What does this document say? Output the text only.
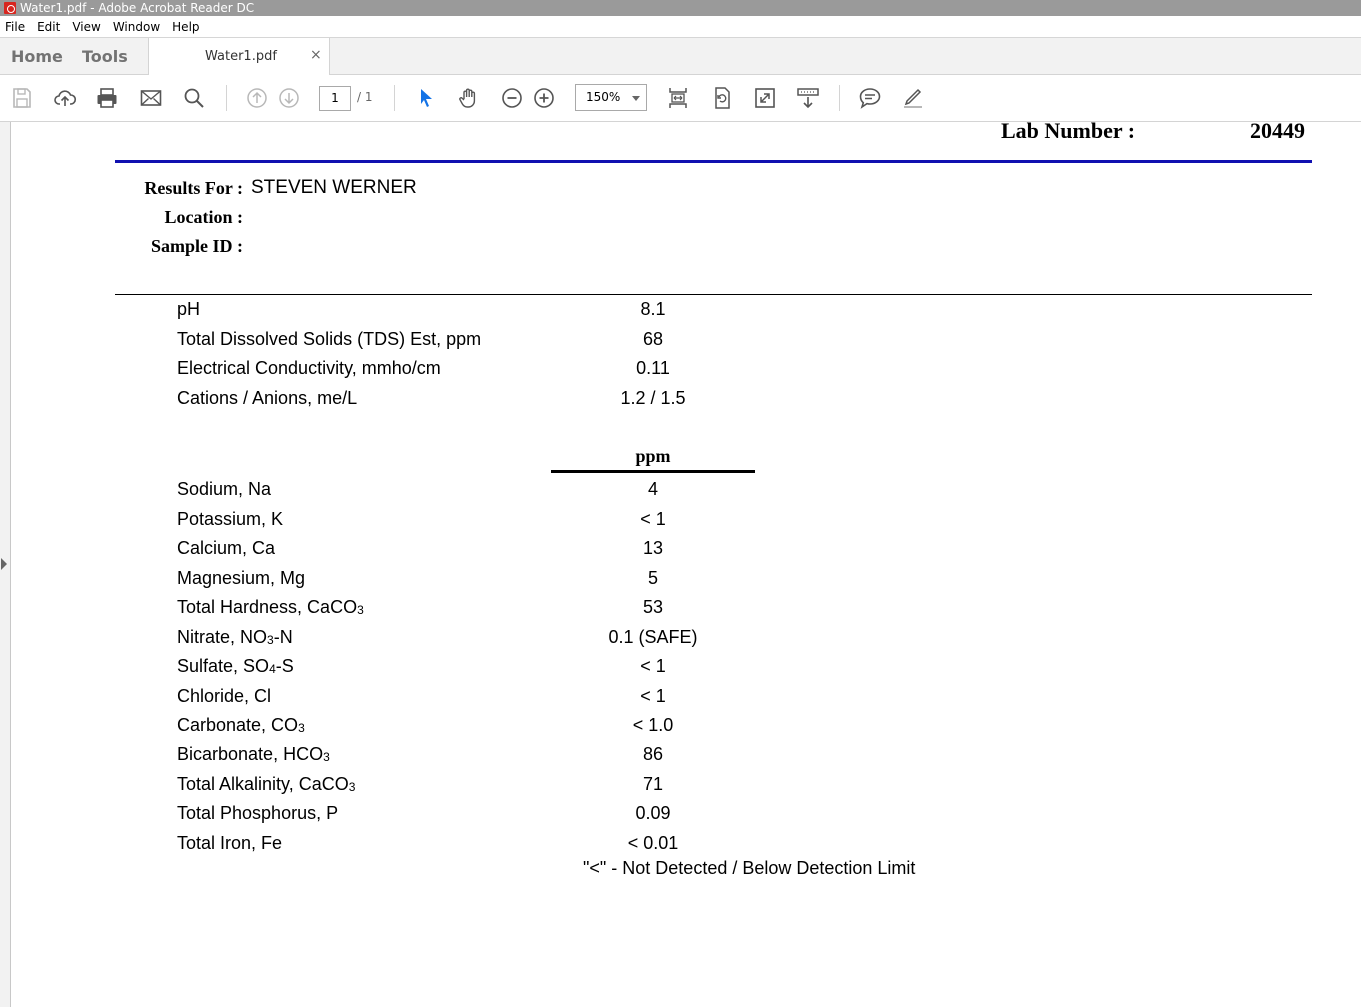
Water1.pdf - Adobe Acrobat Reader DC
File	Edit	View	Window	Help
Home Tools	Water1.pdf ×
1	/ 1	150%
Lab Number :	20449
Results For : STEVEN WERNER
Location :
Sample ID :
pH	8.1
Total Dissolved Solids (TDS) Est, ppm	68
Electrical Conductivity, mmho/cm	0.11
Cations / Anions, me/L	1.2 / 1.5
ppm
Sodium, Na	4
Potassium, K	< 1
Calcium, Ca	13
Magnesium, Mg	5
Total Hardness, CaCO$_3$	53
Nitrate, $NO_3-N$	0.1 (SAFE)
Sulfate, $SO_4-S$	< 1
Chloride, Cl	< 1
Carbonate, $CO_3$	< 1.0
Bicarbonate, $HCO_3$	86
Total Alkalinity, CaCO$_3$	71
Total Phosphorus, P	0.09
Total Iron, Fe	< 0.01
"<" - Not Detected / Below Detection Limit
